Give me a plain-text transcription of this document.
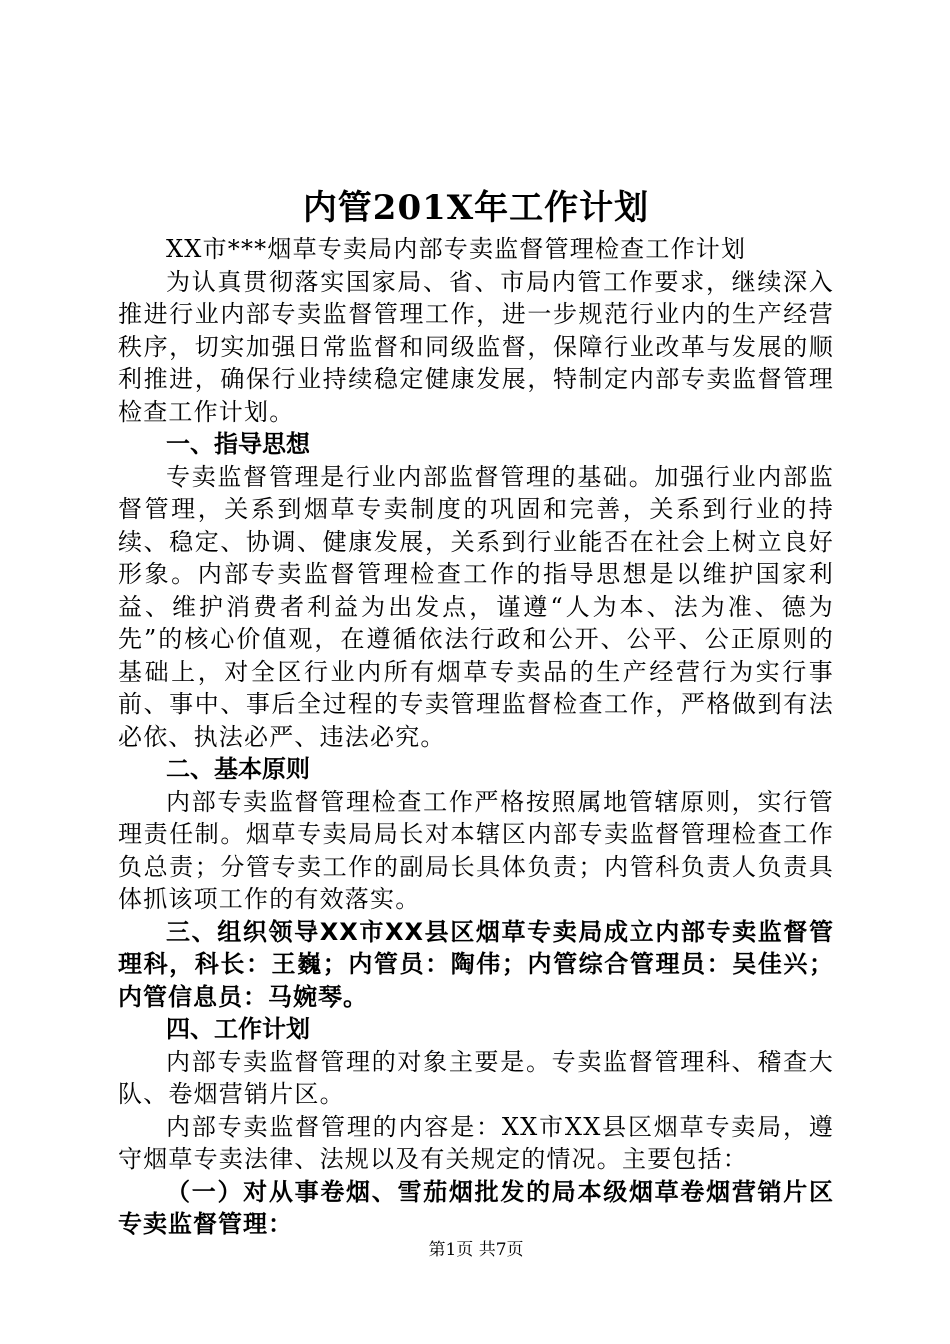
内管201X年工作计划

XX市***烟草专卖局内部专卖监督管理检查工作计划

为认真贯彻落实国家局、省、市局内管工作要求，继续深入推进行业内部专卖监督管理工作，进一步规范行业内的生产经营秩序，切实加强日常监督和同级监督，保障行业改革与发展的顺利推进，确保行业持续稳定健康发展，特制定内部专卖监督管理检查工作计划。

一、指导思想

专卖监督管理是行业内部监督管理的基础。加强行业内部监督管理，关系到烟草专卖制度的巩固和完善，关系到行业的持续、稳定、协调、健康发展，关系到行业能否在社会上树立良好形象。内部专卖监督管理检查工作的指导思想是以维护国家利益、维护消费者利益为出发点，谨遵“人为本、法为准、德为先”的核心价值观，在遵循依法行政和公开、公平、公正原则的基础上，对全区行业内所有烟草专卖品的生产经营行为实行事前、事中、事后全过程的专卖管理监督检查工作，严格做到有法必依、执法必严、违法必究。

二、基本原则

内部专卖监督管理检查工作严格按照属地管辖原则，实行管理责任制。烟草专卖局局长对本辖区内部专卖监督管理检查工作负总责；分管专卖工作的副局长具体负责；内管科负责人负责具体抓该项工作的有效落实。

三、组织领导XX市XX县区烟草专卖局成立内部专卖监督管理科，科长：王巍；内管员：陶伟；内管综合管理员：吴佳兴；内管信息员：马婉琴。

四、工作计划

内部专卖监督管理的对象主要是。专卖监督管理科、稽查大队、卷烟营销片区。

内部专卖监督管理的内容是：XX市XX县区烟草专卖局，遵守烟草专卖法律、法规以及有关规定的情况。主要包括：

（一）对从事卷烟、雪茄烟批发的局本级烟草卷烟营销片区专卖监督管理：

第1页 共7页
